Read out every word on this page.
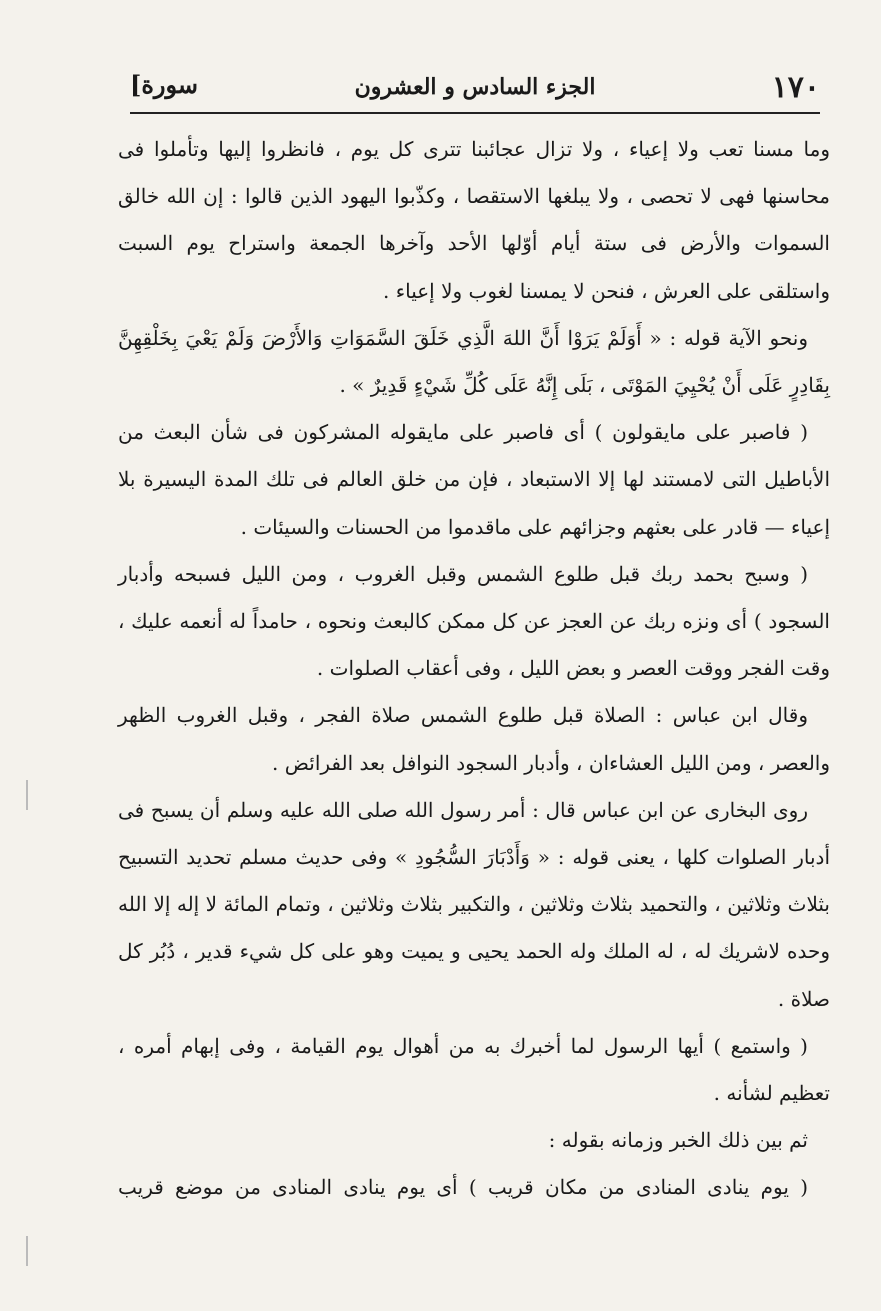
١٧٠
الجزء السادس و العشرون
[سورة

وما مسنا تعب ولا إعياء ، ولا تزال عجائبنا تترى كل يوم ، فانظروا إليها وتأملوا فى محاسنها فهى لا تحصى ، ولا يبلغها الاستقصا ، وكذّبوا اليهود الذين قالوا : إن الله خالق السموات والأرض فى ستة أيام أوّلها الأحد وآخرها الجمعة واستراح يوم السبت واستلقى على العرش ، فنحن لا يمسنا لغوب ولا إعياء .

ونحو الآية قوله : « أَوَلَمْ يَرَوْا أَنَّ اللهَ الَّذِي خَلَقَ السَّمَوَاتِ وَالأَرْضَ وَلَمْ يَعْيَ بِخَلْقِهِنَّ بِقَادِرٍ عَلَى أَنْ يُحْيِيَ المَوْتَى ، بَلَى إِنَّهُ عَلَى كُلِّ شَيْءٍ قَدِيرٌ » .

( فاصبر على مايقولون ) أى فاصبر على مايقوله المشركون فى شأن البعث من الأباطيل التى لامستند لها إلا الاستبعاد ، فإن من خلق العالم فى تلك المدة اليسيرة بلا إعياء — قادر على بعثهم وجزائهم على ماقدموا من الحسنات والسيئات .

( وسبح بحمد ربك قبل طلوع الشمس وقبل الغروب ، ومن الليل فسبحه وأدبار السجود ) أى ونزه ربك عن العجز عن كل ممكن كالبعث ونحوه ، حامداً له أنعمه عليك ، وقت الفجر ووقت العصر و بعض الليل ، وفى أعقاب الصلوات .

وقال ابن عباس : الصلاة قبل طلوع الشمس صلاة الفجر ، وقبل الغروب الظهر والعصر ، ومن الليل العشاءان ، وأدبار السجود النوافل بعد الفرائض .

روى البخارى عن ابن عباس قال : أمر رسول الله صلى الله عليه وسلم أن يسبح فى أدبار الصلوات كلها ، يعنى قوله : « وَأَدْبَارَ السُّجُودِ » وفى حديث مسلم تحديد التسبيح بثلاث وثلاثين ، والتحميد بثلاث وثلاثين ، والتكبير بثلاث وثلاثين ، وتمام المائة لا إله إلا الله وحده لاشريك له ، له الملك وله الحمد يحيى و يميت وهو على كل شيء قدير ، دُبُر كل صلاة .

( واستمع ) أيها الرسول لما أخبرك به من أهوال يوم القيامة ، وفى إبهام أمره ، تعظيم لشأنه .

ثم بين ذلك الخبر وزمانه بقوله :

( يوم ينادى المنادى من مكان قريب ) أى يوم ينادى المنادى من موضع قريب
